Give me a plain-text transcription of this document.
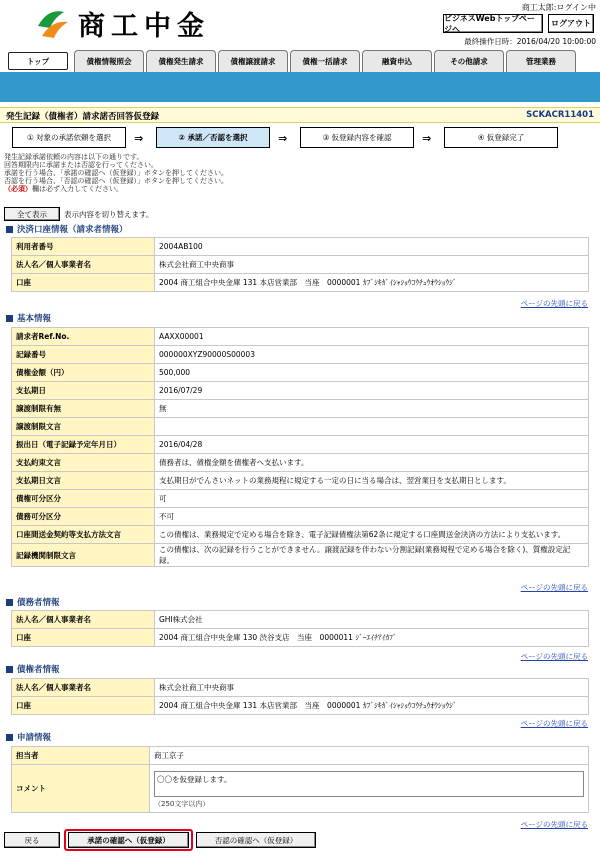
商工中金
商工太郎:ログイン中
ビジネスWebトップページへ
ログアウト
最終操作日時：2016/04/20 10:00:00
トップ	債権情報照会	債権発生請求	債権譲渡請求	債権一括請求	融資申込	その他請求	管理業務
発生記録（債権者）請求諾否回答仮登録	SCKACR11401
① 対象の承諾依頼を選択	② 承諾／否認を選択	③ 仮登録内容を確認	④ 仮登録完了
⇒	⇒	⇒
発生記録承諾依頼の内容は以下の通りです。
回答期限内に承諾または否認を行ってください。
承諾を行う場合、「承諾の確認へ（仮登録）」ボタンを押してください。
否認を行う場合、「否認の確認へ（仮登録）」ボタンを押してください。
（必須）欄は必ず入力してください。
全て表示	表示内容を切り替えます。
決済口座情報（請求者情報）
利用者番号	2004AB100
法人名／個人事業者名	株式会社商工中央商事
口座	2004 商工組合中央金庫 131 本店営業部　当座　0000001 ｶﾌﾞｼｷｶﾞｲｼｬｼｮｳｺｳﾁｭｳｵｳｼｮｳｼﾞ
ページの先頭に戻る
基本情報
請求者Ref.No.	AAXX00001
記録番号	000000XYZ90000S00003
債権金額（円）	500,000
支払期日	2016/07/29
譲渡制限有無	無
譲渡制限文言	
振出日（電子記録予定年月日）	2016/04/28
支払約束文言	債務者は、債権金額を債権者へ支払います。
支払期日文言	支払期日がでんさいネットの業務規程に規定する一定の日に当る場合は、翌営業日を支払期日とします。
債権可分区分	可
債務可分区分	不可
口座間送金契約等支払方法文言	この債権は、業務規定で定める場合を除き、電子記録債権法第62条に規定する口座間送金決済の方法により支払います。
記録機関制限文言	この債権は、次の記録を行うことができません。譲渡記録を伴わない分割記録(業務規程で定める場合を除く)、質権設定記録。
ページの先頭に戻る
債務者情報
法人名／個人事業者名	GHI株式会社
口座	2004 商工組合中央金庫 130 渋谷支店　当座　0000011 ｼﾞｰｴｲﾁｱｲｶﾌﾞ
ページの先頭に戻る
債権者情報
法人名／個人事業者名	株式会社商工中央商事
口座	2004 商工組合中央金庫 131 本店営業部　当座　0000001 ｶﾌﾞｼｷｶﾞｲｼｬｼｮｳｺｳﾁｭｳｵｳｼｮｳｼﾞ
ページの先頭に戻る
申請情報
担当者	商工京子
コメント	〇〇を仮登録します。
（250文字以内）
ページの先頭に戻る
戻る	承諾の確認へ（仮登録）	否認の確認へ（仮登録）
